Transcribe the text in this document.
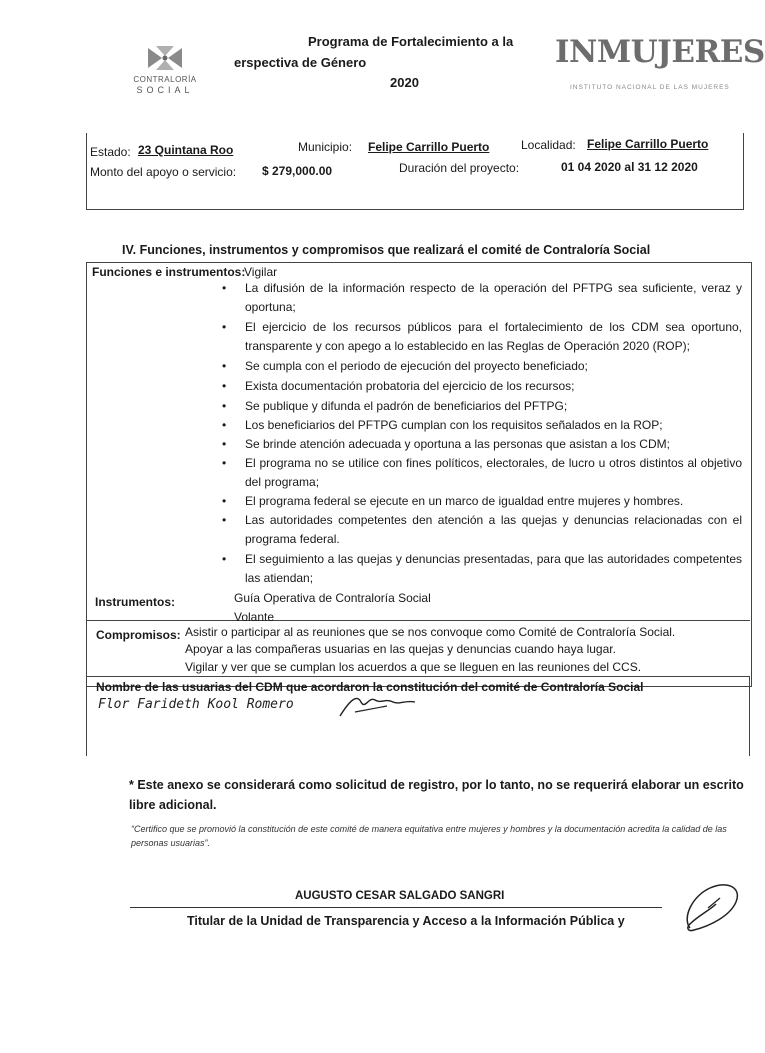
CONTRALORÍA
SOCIAL
Programa de Fortalecimiento a la
erspectiva de Género
2020
INMUJERES
INSTITUTO NACIONAL DE LAS MUJERES
Estado: 23 Quintana Roo	Municipio: Felipe Carrillo Puerto	Localidad: Felipe Carrillo Puerto
Monto del apoyo o servicio: $ 279,000.00	Duración del proyecto:	01 04 2020 al 31 12 2020
IV. Funciones, instrumentos y compromisos que realizará el comité de Contraloría Social
Funciones e instrumentos:
Vigilar
• La difusión de la información respecto de la operación del PFTPG sea suficiente, veraz y oportuna;
• El ejercicio de los recursos públicos para el fortalecimiento de los CDM sea oportuno, transparente y con apego a lo establecido en las Reglas de Operación 2020 (ROP);
• Se cumpla con el periodo de ejecución del proyecto beneficiado;
• Exista documentación probatoria del ejercicio de los recursos;
• Se publique y difunda el padrón de beneficiarios del PFTPG;
• Los beneficiarios del PFTPG cumplan con los requisitos señalados en la ROP;
• Se brinde atención adecuada y oportuna a las personas que asistan a los CDM;
• El programa no se utilice con fines políticos, electorales, de lucro u otros distintos al objetivo del programa;
• El programa federal se ejecute en un marco de igualdad entre mujeres y hombres.
• Las autoridades competentes den atención a las quejas y denuncias relacionadas con el programa federal.
• El seguimiento a las quejas y denuncias presentadas, para que las autoridades competentes las atiendan;
Instrumentos:	Guía Operativa de Contraloría Social
Volante
Compromisos: Asistir o participar al as reuniones que se nos convoque como Comité de Contraloría Social.
Apoyar a las compañeras usuarias en las quejas y denuncias cuando haya lugar.
Vigilar y ver que se cumplan los acuerdos a que se lleguen en las reuniones del CCS.
Nombre de las usuarias del CDM que acordaron la constitución del comité de Contraloría Social
Flor Farideth Kool Romero
* Este anexo se considerará como solicitud de registro, por lo tanto, no se requerirá elaborar un escrito libre adicional.
“Certifico que se promovió la constitución de este comité de manera equitativa entre mujeres y hombres y la documentación acredita la calidad de las personas usuarias”.
AUGUSTO CESAR SALGADO SANGRI
Titular de la Unidad de Transparencia y Acceso a la Información Pública y
